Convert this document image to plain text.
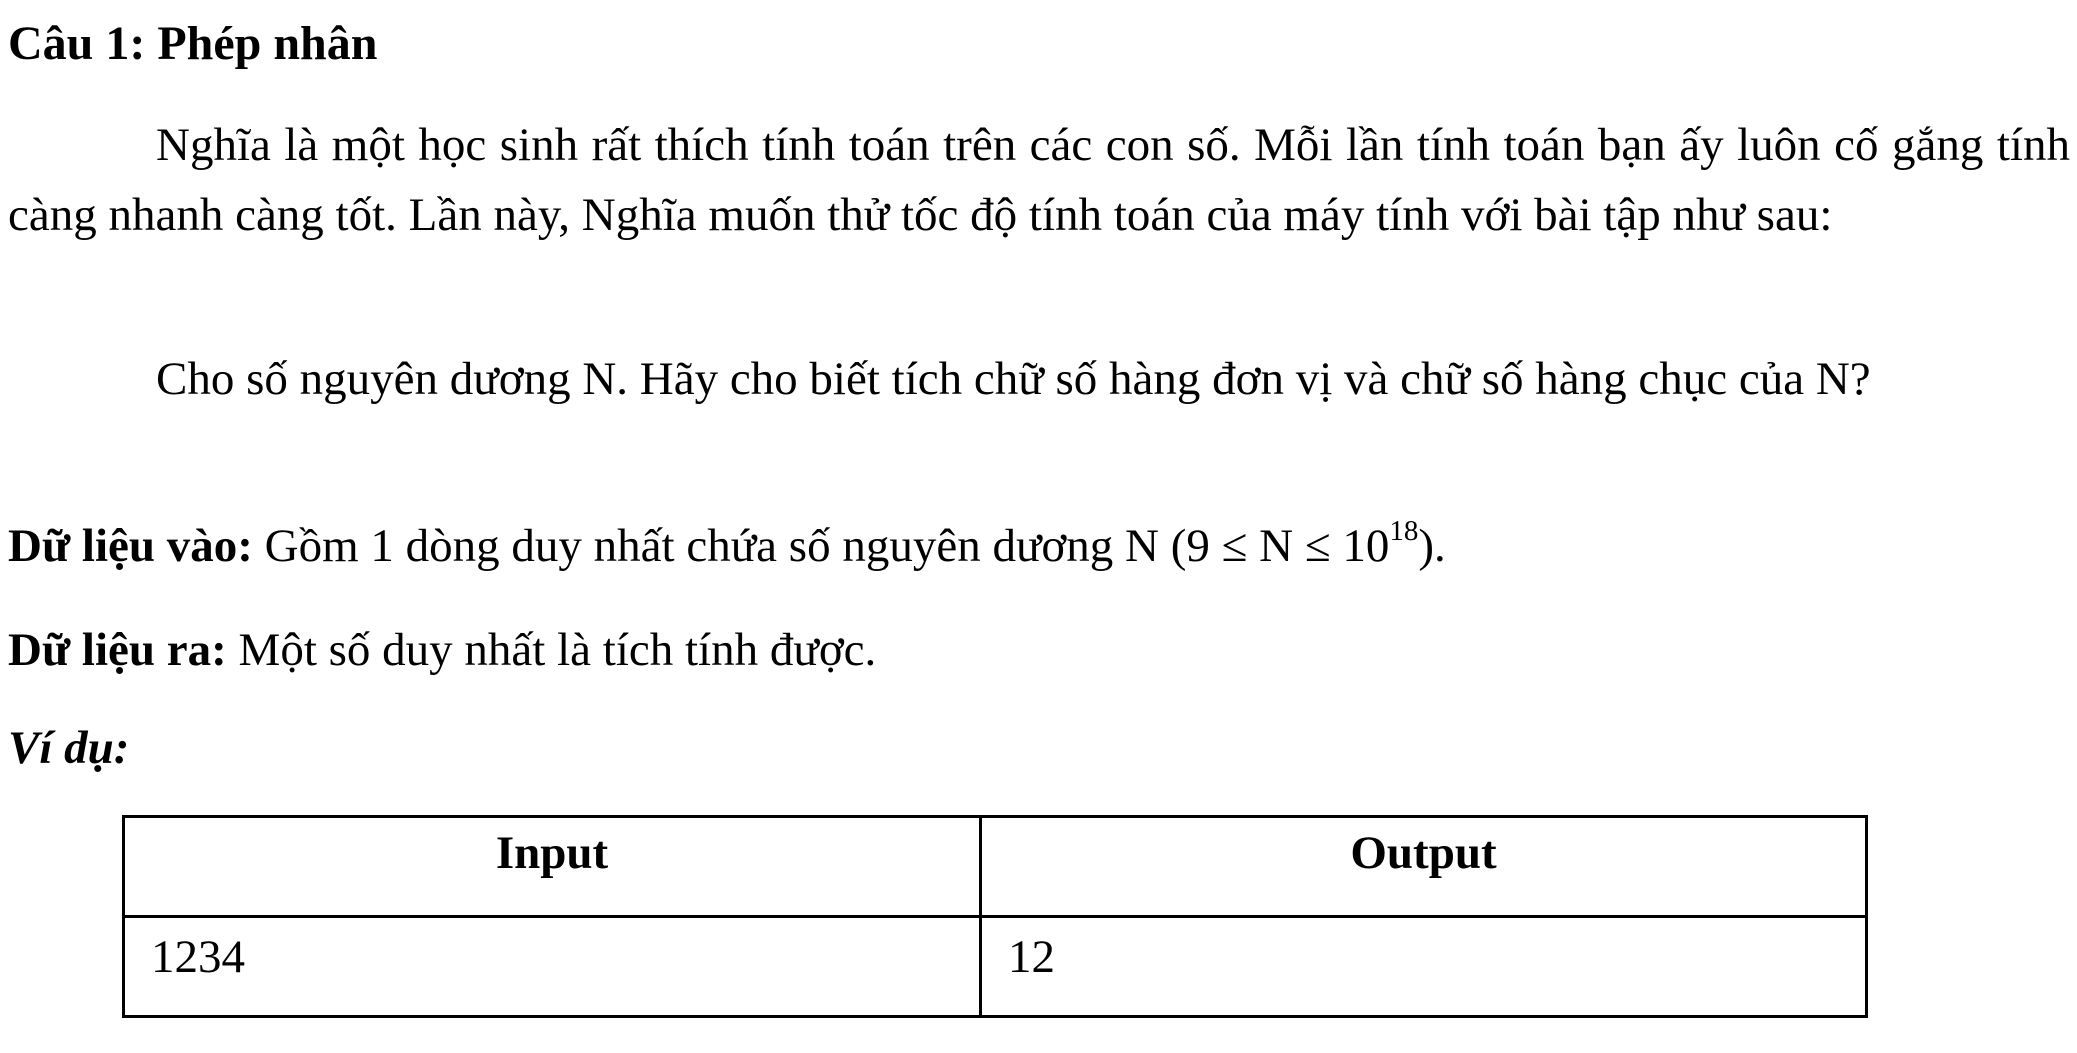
Câu 1: Phép nhân
Nghĩa là một học sinh rất thích tính toán trên các con số. Mỗi lần tính toán bạn ấy luôn cố gắng tính càng nhanh càng tốt. Lần này, Nghĩa muốn thử tốc độ tính toán của máy tính với bài tập như sau:
Cho số nguyên dương N. Hãy cho biết tích chữ số hàng đơn vị và chữ số hàng chục của N?
Dữ liệu vào: Gồm 1 dòng duy nhất chứa số nguyên dương N $(9 \le N \le 10^{18})$.
Dữ liệu ra: Một số duy nhất là tích tính được.
Ví dụ:
Input	Output
1234	12
